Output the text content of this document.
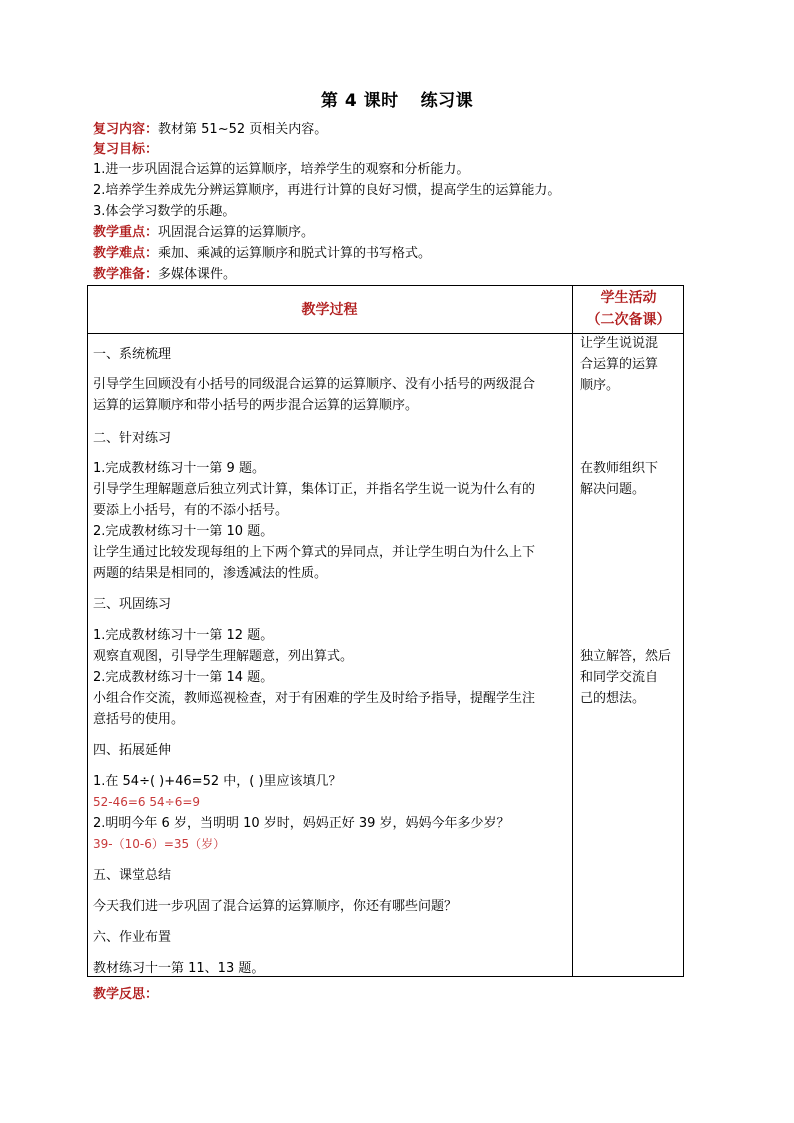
第 4 课时 练习课
复习内容：教材第 51~52 页相关内容。
复习目标：
1.进一步巩固混合运算的运算顺序，培养学生的观察和分析能力。
2.培养学生养成先分辨运算顺序，再进行计算的良好习惯，提高学生的运算能力。
3.体会学习数学的乐趣。
教学重点：巩固混合运算的运算顺序。
教学难点：乘加、乘减的运算顺序和脱式计算的书写格式。
教学准备：多媒体课件。
教学过程
学生活动
（二次备课）
一、系统梳理
引导学生回顾没有小括号的同级混合运算的运算顺序、没有小括号的两级混合
运算的运算顺序和带小括号的两步混合运算的运算顺序。
二、针对练习
1.完成教材练习十一第 9 题。
引导学生理解题意后独立列式计算，集体订正，并指名学生说一说为什么有的
要添上小括号，有的不添小括号。
2.完成教材练习十一第 10 题。
让学生通过比较发现每组的上下两个算式的异同点，并让学生明白为什么上下
两题的结果是相同的，渗透减法的性质。
三、巩固练习
1.完成教材练习十一第 12 题。
观察直观图，引导学生理解题意，列出算式。
2.完成教材练习十一第 14 题。
小组合作交流，教师巡视检查，对于有困难的学生及时给予指导，提醒学生注
意括号的使用。
四、拓展延伸
1.在 54÷( )+46=52 中，( )里应该填几？
52-46=6 54÷6=9
2.明明今年 6 岁，当明明 10 岁时，妈妈正好 39 岁，妈妈今年多少岁？
39-（10-6）=35（岁）
五、课堂总结
今天我们进一步巩固了混合运算的运算顺序，你还有哪些问题？
六、作业布置
教材练习十一第 11、13 题。
让学生说说混
合运算的运算
顺序。
在教师组织下
解决问题。
独立解答，然后
和同学交流自
己的想法。
教学反思：
